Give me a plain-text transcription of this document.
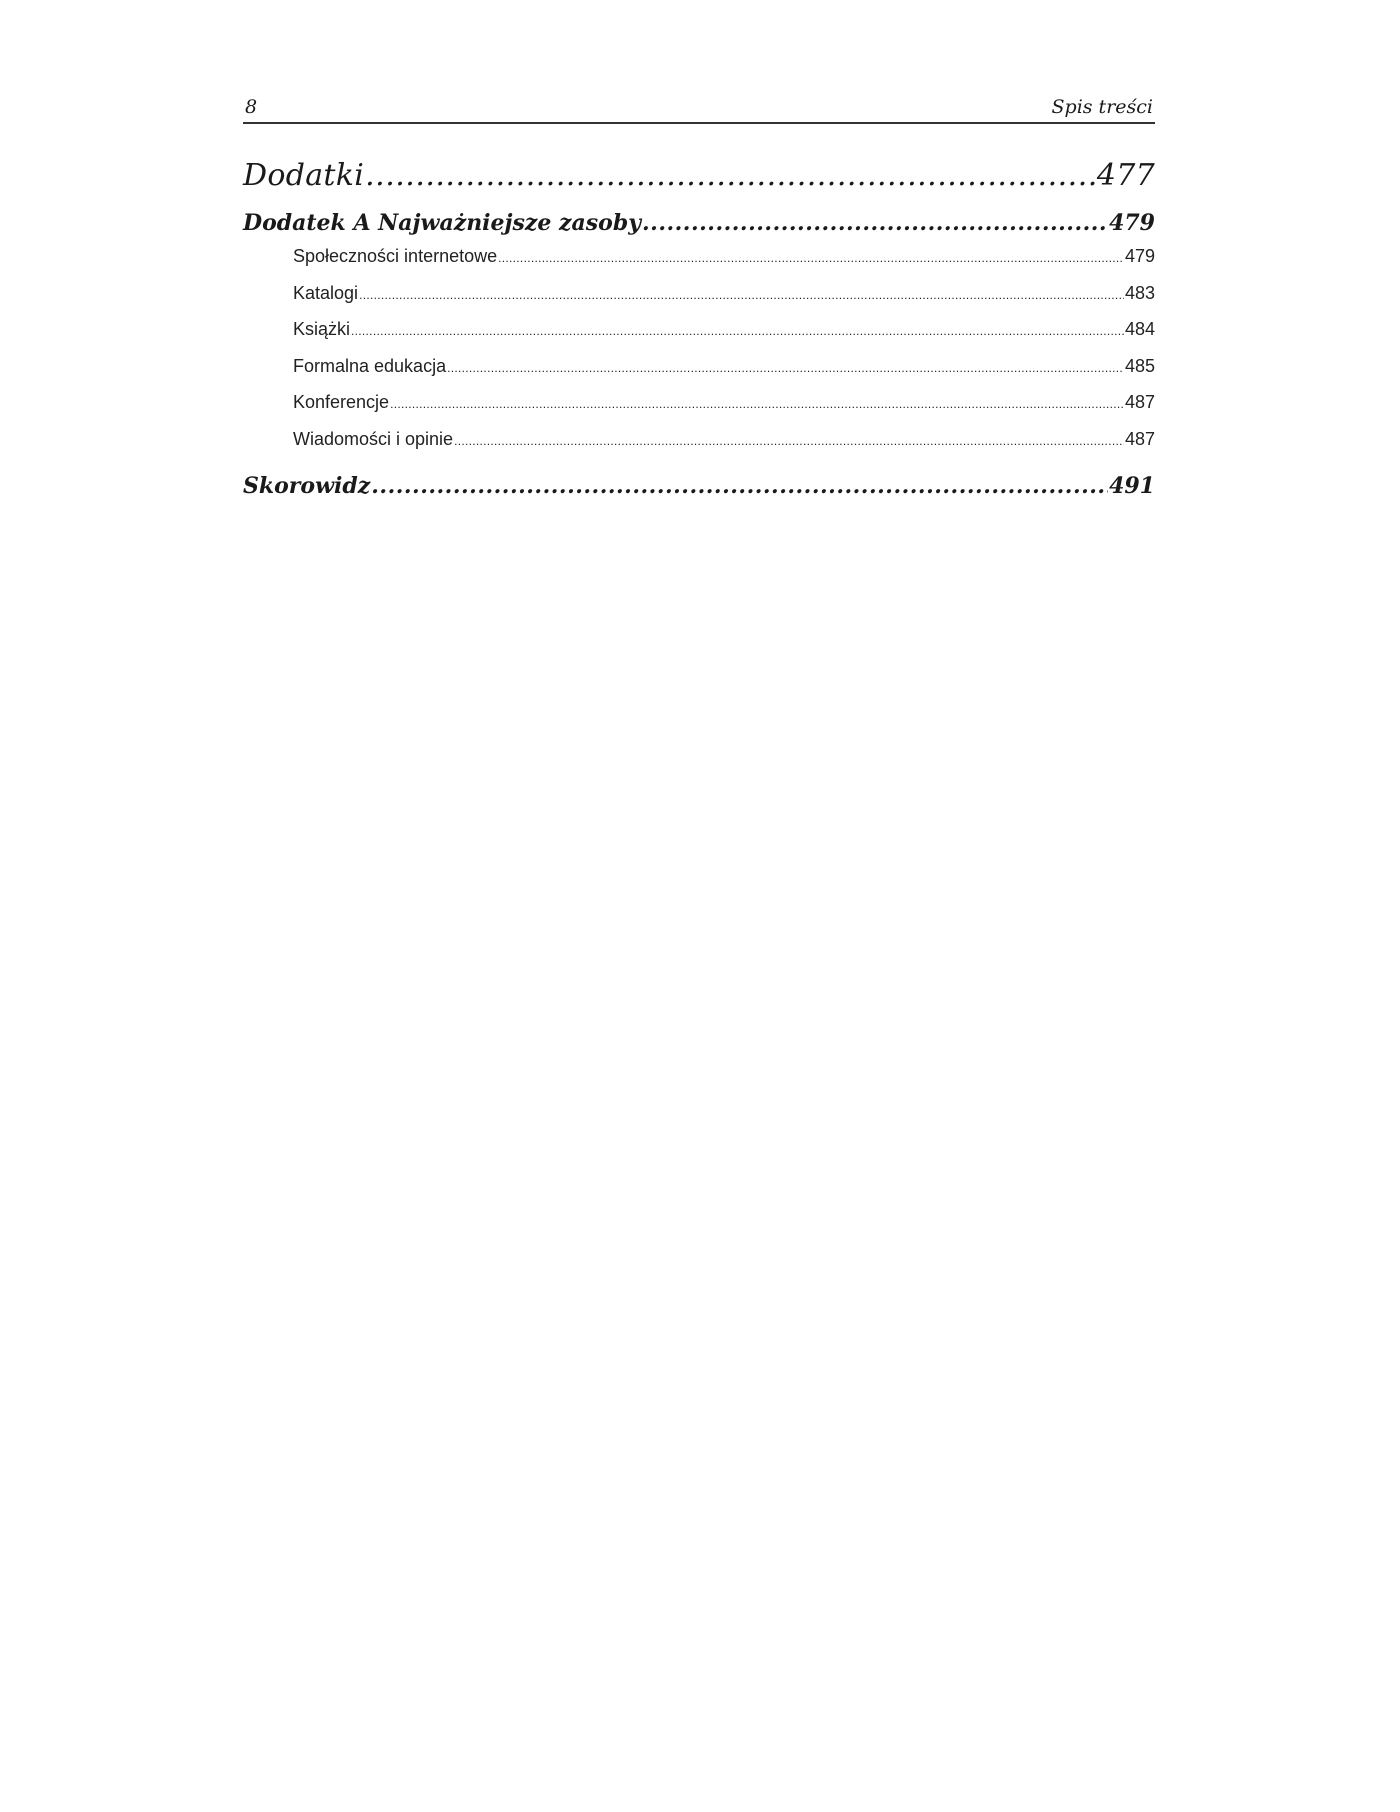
8	Spis treści
Dodatki .....	477
Dodatek A Najważniejsze zasoby .....	479
Społeczności internetowe .....	479
Katalogi .....	483
Książki .....	484
Formalna edukacja .....	485
Konferencje .....	487
Wiadomości i opinie .....	487
Skorowidz .....	491
